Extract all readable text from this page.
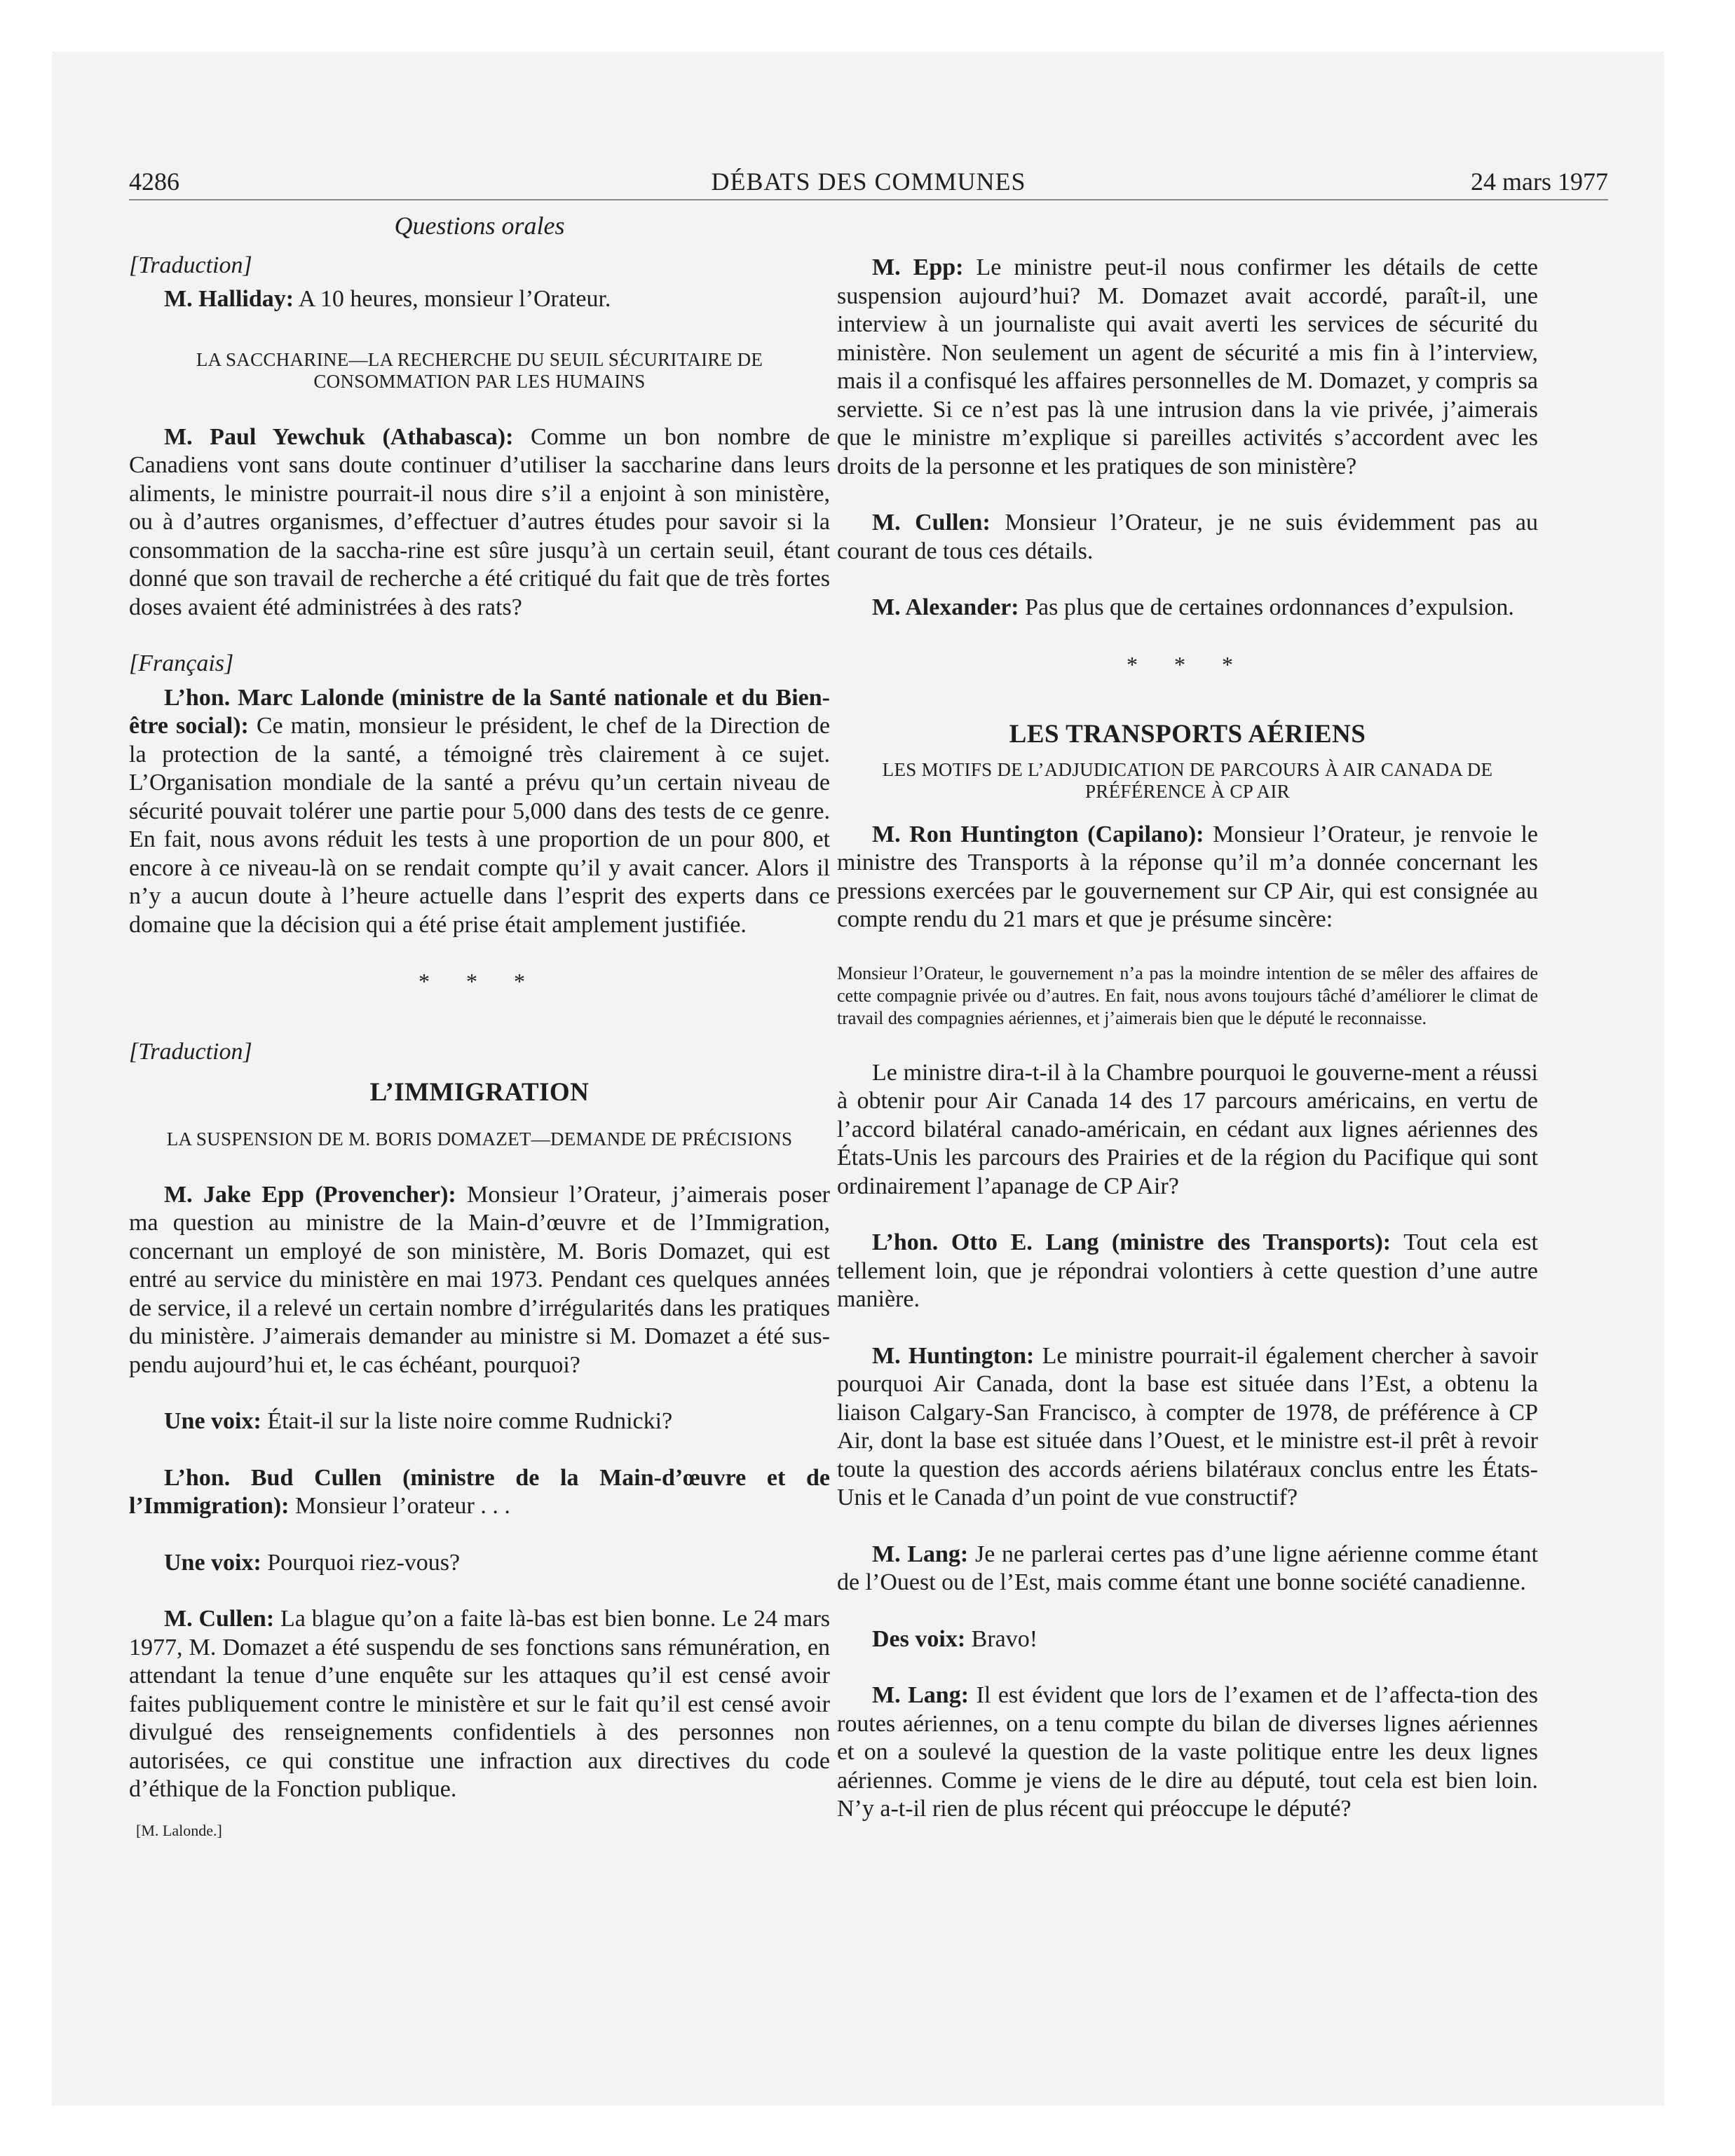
4286	DÉBATS DES COMMUNES	24 mars 1977
Questions orales
[Traduction]

M. Halliday: A 10 heures, monsieur l’Orateur.

LA SACCHARINE—LA RECHERCHE DU SEUIL SÉCURITAIRE DE CONSOMMATION PAR LES HUMAINS

M. Paul Yewchuk (Athabasca): Comme un bon nombre de Canadiens vont sans doute continuer d’utiliser la saccharine dans leurs aliments, le ministre pourrait-il nous dire s’il a enjoint à son ministère, ou à d’autres organismes, d’effectuer d’autres études pour savoir si la consommation de la saccha-rine est sûre jusqu’à un certain seuil, étant donné que son travail de recherche a été critiqué du fait que de très fortes doses avaient été administrées à des rats?

[Français]

L’hon. Marc Lalonde (ministre de la Santé nationale et du Bien-être social): Ce matin, monsieur le président, le chef de la Direction de la protection de la santé, a témoigné très clairement à ce sujet. L’Organisation mondiale de la santé a prévu qu’un certain niveau de sécurité pouvait tolérer une partie pour 5,000 dans des tests de ce genre. En fait, nous avons réduit les tests à une proportion de un pour 800, et encore à ce niveau-là on se rendait compte qu’il y avait cancer. Alors il n’y a aucun doute à l’heure actuelle dans l’esprit des experts dans ce domaine que la décision qui a été prise était amplement justifiée.

* * *
[Traduction]
L’IMMIGRATION
LA SUSPENSION DE M. BORIS DOMAZET—DEMANDE DE PRÉCISIONS

M. Jake Epp (Provencher): Monsieur l’Orateur, j’aimerais poser ma question au ministre de la Main-d’œuvre et de l’Immigration, concernant un employé de son ministère, M. Boris Domazet, qui est entré au service du ministère en mai 1973. Pendant ces quelques années de service, il a relevé un certain nombre d’irrégularités dans les pratiques du ministère. J’aimerais demander au ministre si M. Domazet a été sus-pendu aujourd’hui et, le cas échéant, pourquoi?

Une voix: Était-il sur la liste noire comme Rudnicki?

L’hon. Bud Cullen (ministre de la Main-d’œuvre et de l’Immigration): Monsieur l’orateur . . .

Une voix: Pourquoi riez-vous?

M. Cullen: La blague qu’on a faite là-bas est bien bonne. Le 24 mars 1977, M. Domazet a été suspendu de ses fonctions sans rémunération, en attendant la tenue d’une enquête sur les attaques qu’il est censé avoir faites publiquement contre le ministère et sur le fait qu’il est censé avoir divulgué des renseignements confidentiels à des personnes non autorisées, ce qui constitue une infraction aux directives du code d’éthique de la Fonction publique.

[M. Lalonde.]

M. Epp: Le ministre peut-il nous confirmer les détails de cette suspension aujourd’hui? M. Domazet avait accordé, paraît-il, une interview à un journaliste qui avait averti les services de sécurité du ministère. Non seulement un agent de sécurité a mis fin à l’interview, mais il a confisqué les affaires personnelles de M. Domazet, y compris sa serviette. Si ce n’est pas là une intrusion dans la vie privée, j’aimerais que le ministre m’explique si pareilles activités s’accordent avec les droits de la personne et les pratiques de son ministère?

M. Cullen: Monsieur l’Orateur, je ne suis évidemment pas au courant de tous ces détails.

M. Alexander: Pas plus que de certaines ordonnances d’expulsion.

* * *
LES TRANSPORTS AÉRIENS
LES MOTIFS DE L’ADJUDICATION DE PARCOURS À AIR CANADA DE PRÉFÉRENCE À CP AIR

M. Ron Huntington (Capilano): Monsieur l’Orateur, je renvoie le ministre des Transports à la réponse qu’il m’a donnée concernant les pressions exercées par le gouvernement sur CP Air, qui est consignée au compte rendu du 21 mars et que je présume sincère:

Monsieur l’Orateur, le gouvernement n’a pas la moindre intention de se mêler des affaires de cette compagnie privée ou d’autres. En fait, nous avons toujours tâché d’améliorer le climat de travail des compagnies aériennes, et j’aimerais bien que le député le reconnaisse.

Le ministre dira-t-il à la Chambre pourquoi le gouverne-ment a réussi à obtenir pour Air Canada 14 des 17 parcours américains, en vertu de l’accord bilatéral canado-américain, en cédant aux lignes aériennes des États-Unis les parcours des Prairies et de la région du Pacifique qui sont ordinairement l’apanage de CP Air?

L’hon. Otto E. Lang (ministre des Transports): Tout cela est tellement loin, que je répondrai volontiers à cette question d’une autre manière.

M. Huntington: Le ministre pourrait-il également chercher à savoir pourquoi Air Canada, dont la base est située dans l’Est, a obtenu la liaison Calgary-San Francisco, à compter de 1978, de préférence à CP Air, dont la base est située dans l’Ouest, et le ministre est-il prêt à revoir toute la question des accords aériens bilatéraux conclus entre les États-Unis et le Canada d’un point de vue constructif?

M. Lang: Je ne parlerai certes pas d’une ligne aérienne comme étant de l’Ouest ou de l’Est, mais comme étant une bonne société canadienne.

Des voix: Bravo!

M. Lang: Il est évident que lors de l’examen et de l’affecta-tion des routes aériennes, on a tenu compte du bilan de diverses lignes aériennes et on a soulevé la question de la vaste politique entre les deux lignes aériennes. Comme je viens de le dire au député, tout cela est bien loin. N’y a-t-il rien de plus récent qui préoccupe le député?
